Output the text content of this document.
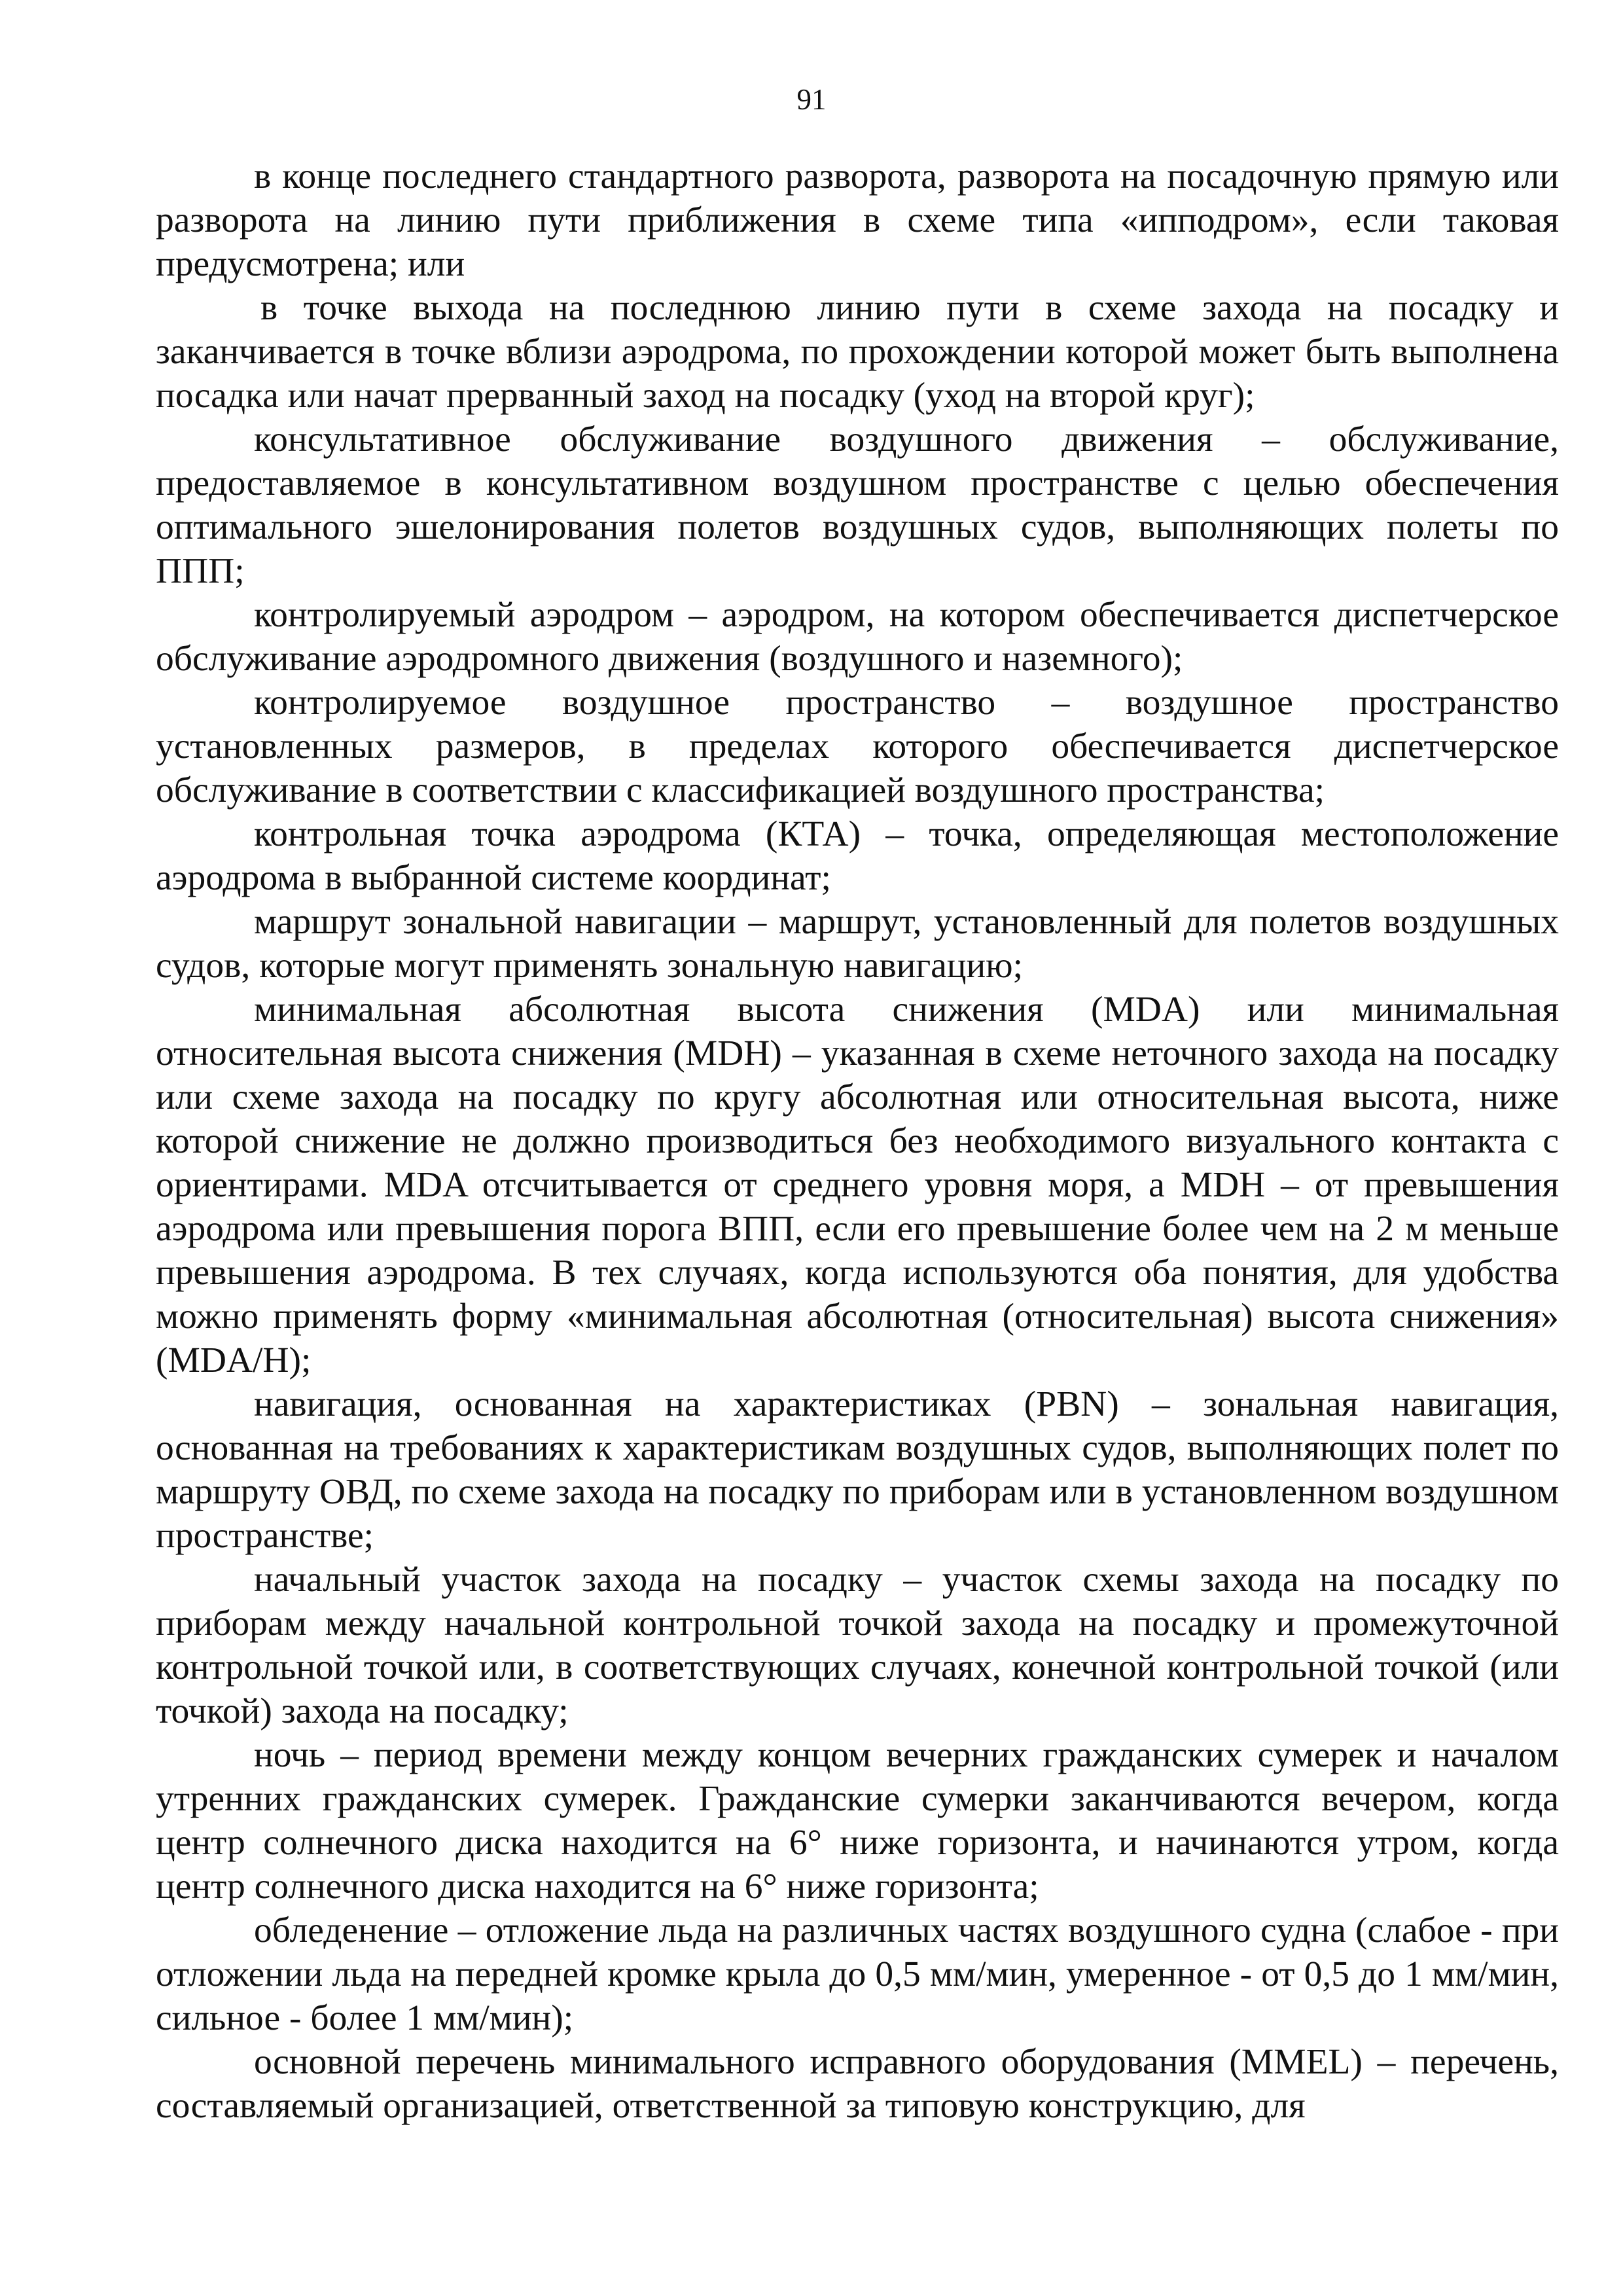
91

в конце последнего стандартного разворота, разворота на посадочную прямую или разворота на линию пути приближения в схеме типа «ипподром», если таковая предусмотрена; или

в точке выхода на последнюю линию пути в схеме захода на посадку и заканчивается в точке вблизи аэродрома, по прохождении которой может быть выполнена посадка или начат прерванный заход на посадку (уход на второй круг);

консультативное обслуживание воздушного движения – обслуживание, предоставляемое в консультативном воздушном пространстве с целью обеспечения оптимального эшелонирования полетов воздушных судов, выполняющих полеты по ППП;

контролируемый аэродром – аэродром, на котором обеспечивается диспетчерское обслуживание аэродромного движения (воздушного и наземного);

контролируемое воздушное пространство – воздушное пространство установленных размеров, в пределах которого обеспечивается диспетчерское обслуживание в соответствии с классификацией воздушного пространства;

контрольная точка аэродрома (КТА) – точка, определяющая местоположение аэродрома в выбранной системе координат;

маршрут зональной навигации – маршрут, установленный для полетов воздушных судов, которые могут применять зональную навигацию;

минимальная абсолютная высота снижения (MDA) или минимальная относительная высота снижения (MDH) – указанная в схеме неточного захода на посадку или схеме захода на посадку по кругу абсолютная или относительная высота, ниже которой снижение не должно производиться без необходимого визуального контакта с ориентирами. MDA отсчитывается от среднего уровня моря, а MDH – от превышения аэродрома или превышения порога ВПП, если его превышение более чем на 2 м меньше превышения аэродрома. В тех случаях, когда используются оба понятия, для удобства можно применять форму «минимальная абсолютная (относительная) высота снижения» (MDA/H);

навигация, основанная на характеристиках (PBN) – зональная навигация, основанная на требованиях к характеристикам воздушных судов, выполняющих полет по маршруту ОВД, по схеме захода на посадку по приборам или в установленном воздушном пространстве;

начальный участок захода на посадку – участок схемы захода на посадку по приборам между начальной контрольной точкой захода на посадку и промежуточной контрольной точкой или, в соответствующих случаях, конечной контрольной точкой (или точкой) захода на посадку;

ночь – период времени между концом вечерних гражданских сумерек и началом утренних гражданских сумерек. Гражданские сумерки заканчиваются вечером, когда центр солнечного диска находится на 6° ниже горизонта, и начинаются утром, когда центр солнечного диска находится на 6° ниже горизонта;

обледенение – отложение льда на различных частях воздушного судна (слабое - при отложении льда на передней кромке крыла до 0,5 мм/мин, умеренное - от 0,5 до 1 мм/мин, сильное - более 1 мм/мин);

основной перечень минимального исправного оборудования (MMEL) – перечень, составляемый организацией, ответственной за типовую конструкцию, для
